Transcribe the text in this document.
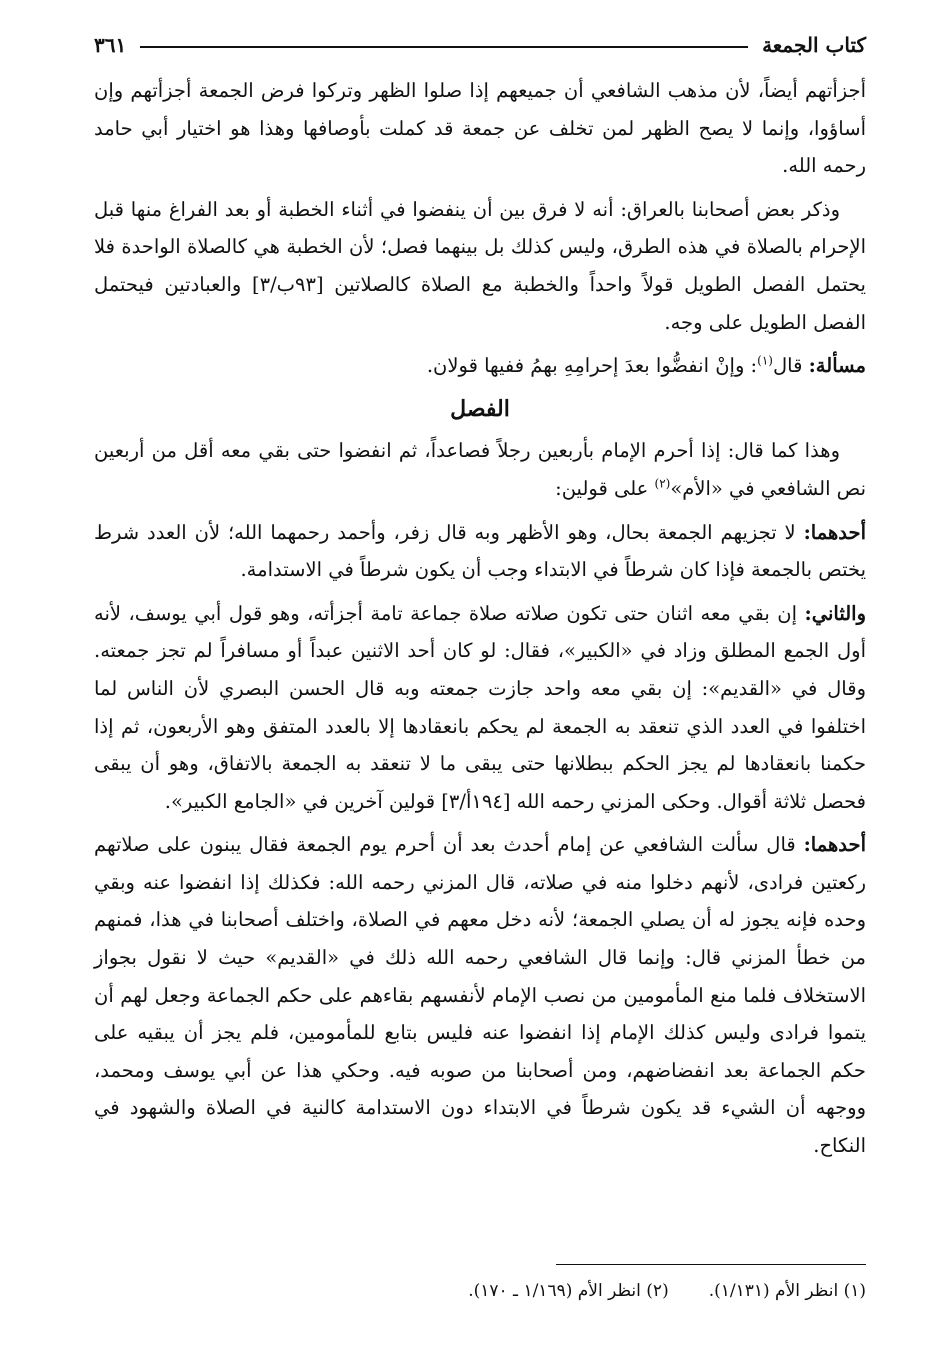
كتاب الجمعة
٣٦١

أجزأتهم أيضاً، لأن مذهب الشافعي أن جميعهم إذا صلوا الظهر وتركوا فرض الجمعة أجزأتهم وإن أساؤوا، وإنما لا يصح الظهر لمن تخلف عن جمعة قد كملت بأوصافها وهذا هو اختيار أبي حامد رحمه الله.

وذكر بعض أصحابنا بالعراق: أنه لا فرق بين أن ينفضوا في أثناء الخطبة أو بعد الفراغ منها قبل الإحرام بالصلاة في هذه الطرق، وليس كذلك بل بينهما فصل؛ لأن الخطبة هي كالصلاة الواحدة فلا يحتمل الفصل الطويل قولاً واحداً والخطبة مع الصلاة كالصلاتين [٩٣ب/٣] والعبادتين فيحتمل الفصل الطويل على وجه.

مسألة: قال$^{(١)}$: وإنْ انفضُّوا بعدَ إحرامِهِ بهمُ ففيها قولان.

الفصل

وهذا كما قال: إذا أحرم الإمام بأربعين رجلاً فصاعداً، ثم انفضوا حتى بقي معه أقل من أربعين نص الشافعي في «الأم»$^{(٢)}$ على قولين:

أحدهما: لا تجزيهم الجمعة بحال، وهو الأظهر وبه قال زفر، وأحمد رحمهما الله؛ لأن العدد شرط يختص بالجمعة فإذا كان شرطاً في الابتداء وجب أن يكون شرطاً في الاستدامة.

والثاني: إن بقي معه اثنان حتى تكون صلاته صلاة جماعة تامة أجزأته، وهو قول أبي يوسف، لأنه أول الجمع المطلق وزاد في «الكبير»، فقال: لو كان أحد الاثنين عبداً أو مسافراً لم تجز جمعته. وقال في «القديم»: إن بقي معه واحد جازت جمعته وبه قال الحسن البصري لأن الناس لما اختلفوا في العدد الذي تنعقد به الجمعة لم يحكم بانعقادها إلا بالعدد المتفق وهو الأربعون، ثم إذا حكمنا بانعقادها لم يجز الحكم ببطلانها حتى يبقى ما لا تنعقد به الجمعة بالاتفاق، وهو أن يبقى فحصل ثلاثة أقوال. وحكى المزني رحمه الله [١٩٤أ/٣] قولين آخرين في «الجامع الكبير».

أحدهما: قال سألت الشافعي عن إمام أحدث بعد أن أحرم يوم الجمعة فقال يبنون على صلاتهم ركعتين فرادى، لأنهم دخلوا منه في صلاته، قال المزني رحمه الله: فكذلك إذا انفضوا عنه وبقي وحده فإنه يجوز له أن يصلي الجمعة؛ لأنه دخل معهم في الصلاة، واختلف أصحابنا في هذا، فمنهم من خطأ المزني قال: وإنما قال الشافعي رحمه الله ذلك في «القديم» حيث لا نقول بجواز الاستخلاف فلما منع المأمومين من نصب الإمام لأنفسهم بقاءهم على حكم الجماعة وجعل لهم أن يتموا فرادى وليس كذلك الإمام إذا انفضوا عنه فليس بتابع للمأمومين، فلم يجز أن يبقيه على حكم الجماعة بعد انفضاضهم، ومن أصحابنا من صوبه فيه. وحكي هذا عن أبي يوسف ومحمد، ووجهه أن الشيء قد يكون شرطاً في الابتداء دون الاستدامة كالنية في الصلاة والشهود في النكاح.

(١) انظر الأم (١/١٣١).
(٢) انظر الأم (١/١٦٩ ـ ١٧٠).
